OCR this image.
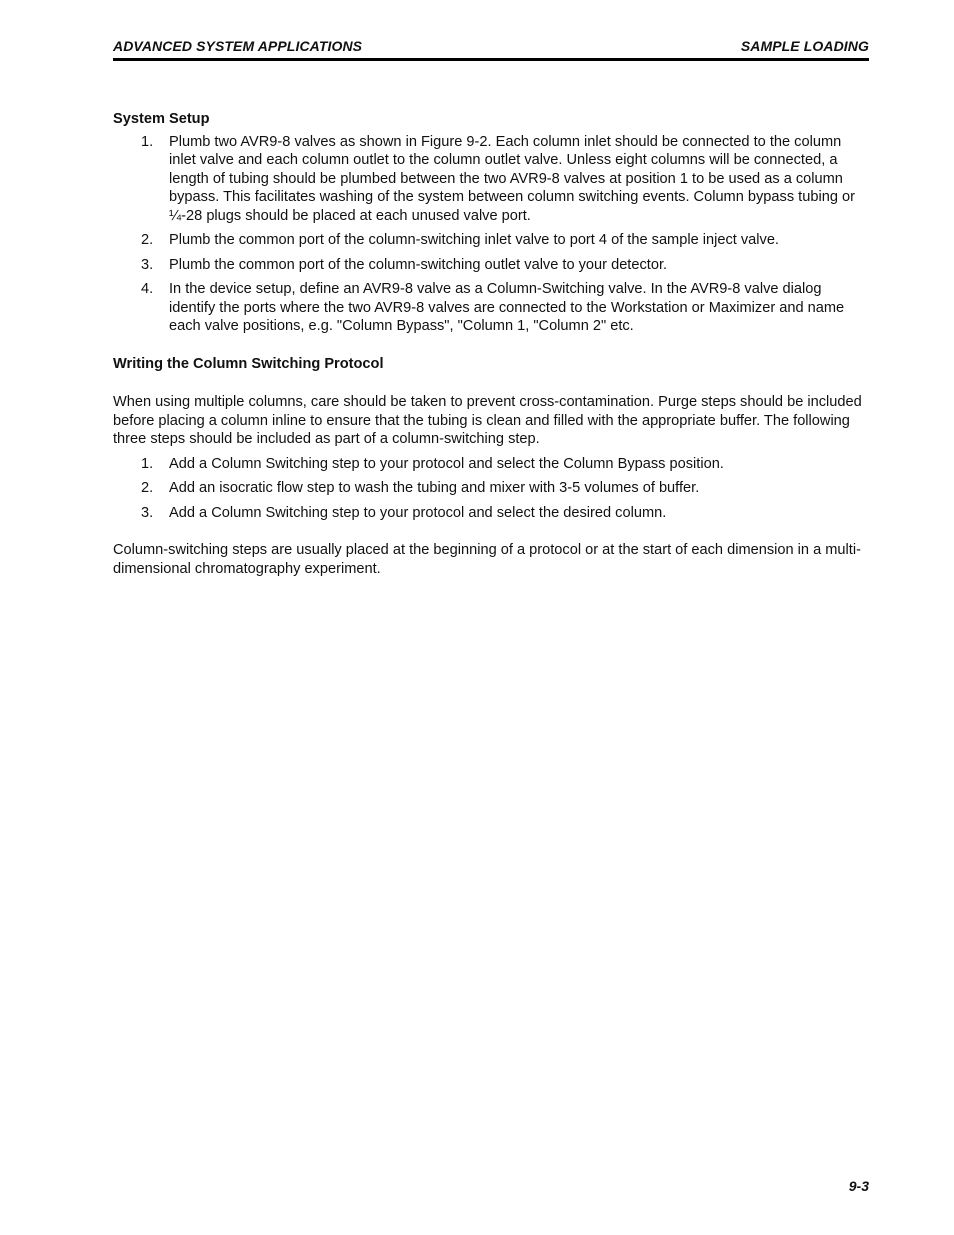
ADVANCED SYSTEM APPLICATIONS	SAMPLE LOADING
System Setup
1. Plumb two AVR9-8 valves as shown in Figure 9-2. Each column inlet should be connected to the column inlet valve and each column outlet to the column outlet valve. Unless eight columns will be connected, a length of tubing should be plumbed between the two AVR9-8 valves at position 1 to be used as a column bypass. This facilitates washing of the system between column switching events. Column bypass tubing or ¼-28 plugs should be placed at each unused valve port.
2. Plumb the common port of the column-switching inlet valve to port 4 of the sample inject valve.
3. Plumb the common port of the column-switching outlet valve to your detector.
4. In the device setup, define an AVR9-8 valve as a Column-Switching valve. In the AVR9-8 valve dialog identify the ports where the two AVR9-8 valves are connected to the Workstation or Maximizer and name each valve positions, e.g. "Column Bypass", "Column 1, "Column 2" etc.
Writing the Column Switching Protocol

When using multiple columns, care should be taken to prevent cross-contamination. Purge steps should be included before placing a column inline to ensure that the tubing is clean and filled with the appropriate buffer. The following three steps should be included as part of a column-switching step.

1. Add a Column Switching step to your protocol and select the Column Bypass position.
2. Add an isocratic flow step to wash the tubing and mixer with 3-5 volumes of buffer.
3. Add a Column Switching step to your protocol and select the desired column.

Column-switching steps are usually placed at the beginning of a protocol or at the start of each dimension in a multi-dimensional chromatography experiment.

9-3
